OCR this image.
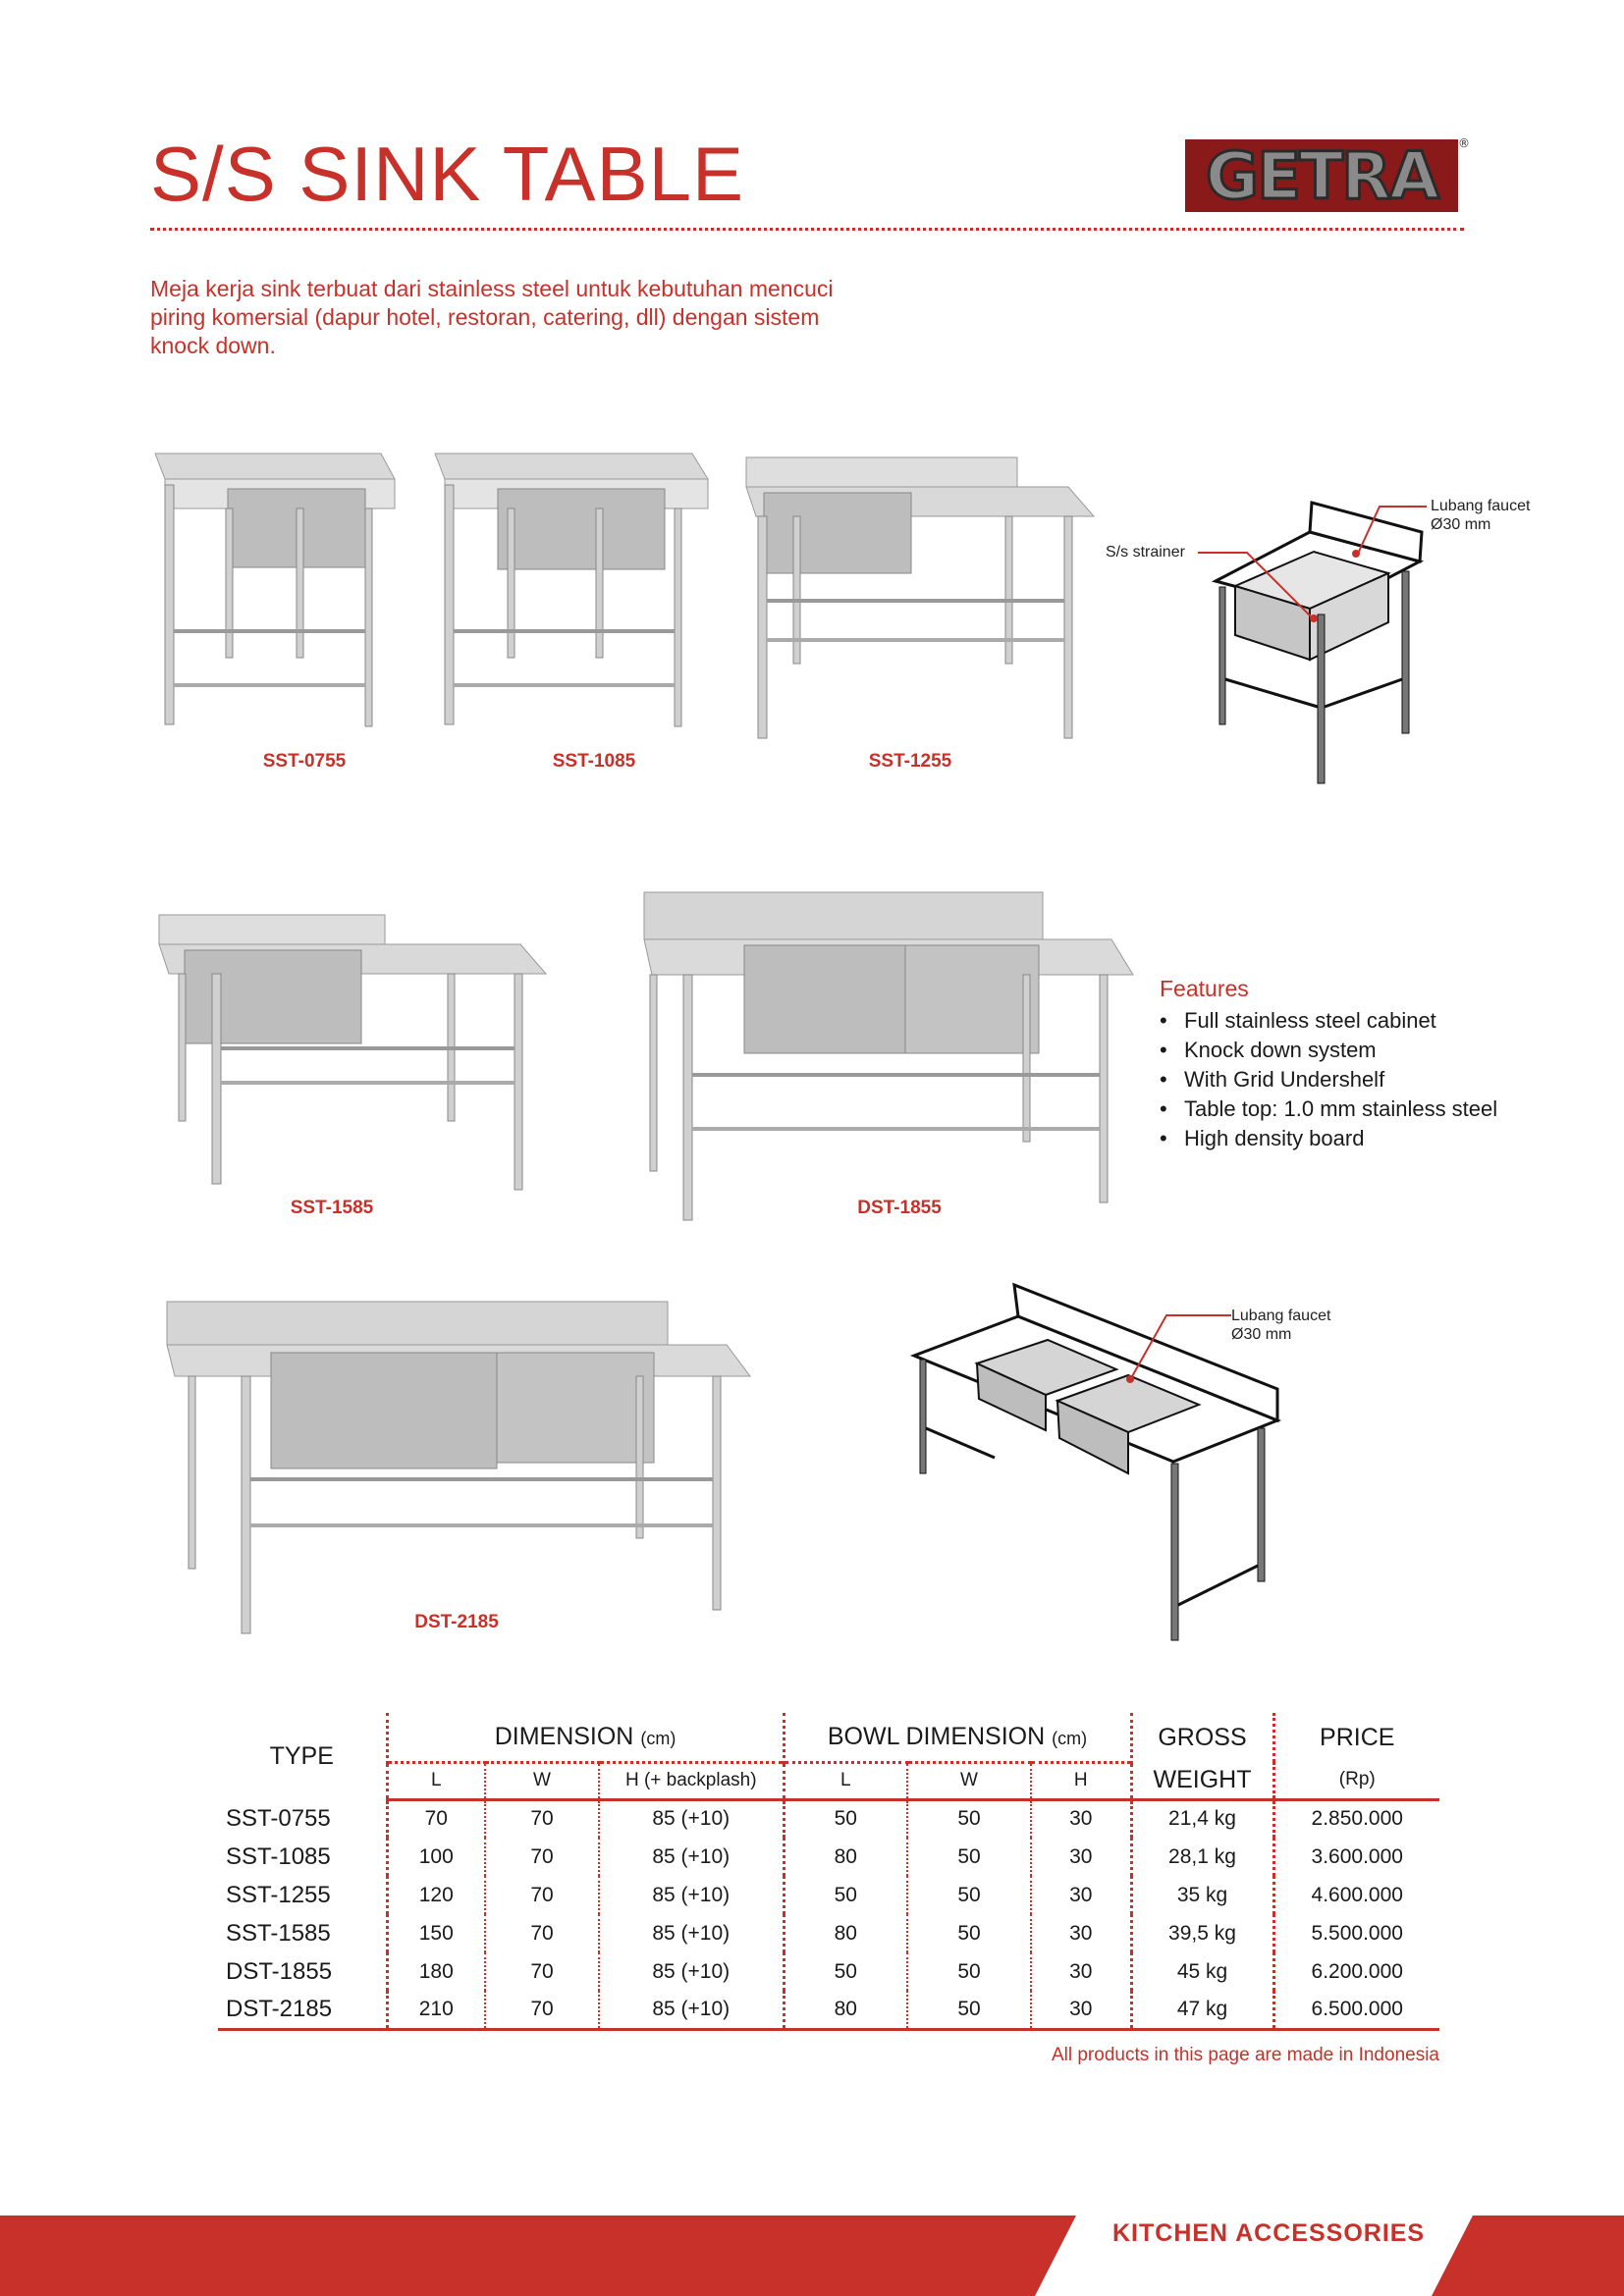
S/S SINK TABLE	GETRA ®
Meja kerja sink terbuat dari stainless steel untuk kebutuhan mencuci piring komersial (dapur hotel, restoran, catering, dll) dengan sistem knock down.
SST-0755	SST-1085	SST-1255
Lubang faucet
Ø30 mm
S/s strainer
SST-1585	DST-1855
Features
• Full stainless steel cabinet
• Knock down system
• With Grid Undershelf
• Table top: 1.0 mm stainless steel
• High density board
DST-2185
Lubang faucet
Ø30 mm
TYPE	DIMENSION (cm)			BOWL DIMENSION (cm)			GROSS	PRICE
	L	W	H (+ backplash)	L	W	H	WEIGHT	(Rp)
SST-0755	70	70	85 (+10)	50	50	30	21,4 kg	2.850.000
SST-1085	100	70	85 (+10)	80	50	30	28,1 kg	3.600.000
SST-1255	120	70	85 (+10)	50	50	30	35 kg	4.600.000
SST-1585	150	70	85 (+10)	80	50	30	39,5 kg	5.500.000
DST-1855	180	70	85 (+10)	50	50	30	45 kg	6.200.000
DST-2185	210	70	85 (+10)	80	50	30	47 kg	6.500.000
All products in this page are made in Indonesia
KITCHEN ACCESSORIES
